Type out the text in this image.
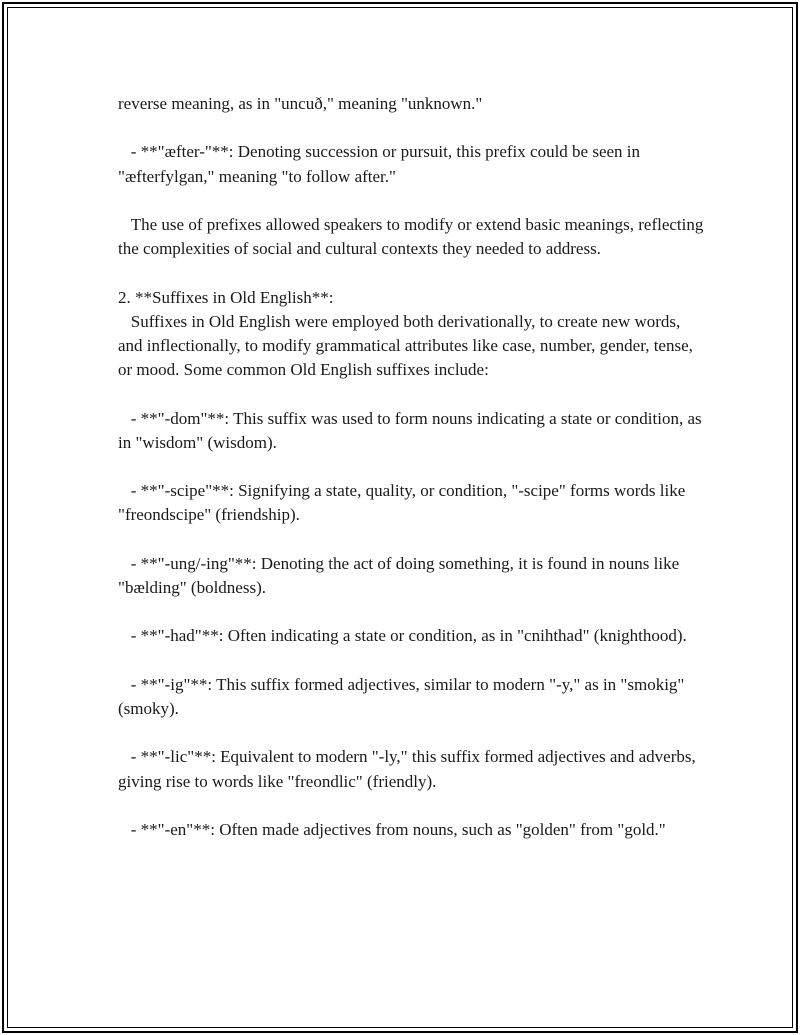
reverse meaning, as in "uncuð," meaning "unknown."

- **"æfter-"**: Denoting succession or pursuit, this prefix could be seen in "æfterfylgan," meaning "to follow after."

The use of prefixes allowed speakers to modify or extend basic meanings, reflecting the complexities of social and cultural contexts they needed to address.

2. **Suffixes in Old English**:

Suffixes in Old English were employed both derivationally, to create new words, and inflectionally, to modify grammatical attributes like case, number, gender, tense, or mood. Some common Old English suffixes include:

- **"-dom"**: This suffix was used to form nouns indicating a state or condition, as in "wisdom" (wisdom).

- **"-scipe"**: Signifying a state, quality, or condition, "-scipe" forms words like "freondscipe" (friendship).

- **"-ung/-ing"**: Denoting the act of doing something, it is found in nouns like "bælding" (boldness).

- **"-had"**: Often indicating a state or condition, as in "cnihthad" (knighthood).

- **"-ig"**: This suffix formed adjectives, similar to modern "-y," as in "smokig" (smoky).

- **"-lic"**: Equivalent to modern "-ly," this suffix formed adjectives and adverbs, giving rise to words like "freondlic" (friendly).

- **"-en"**: Often made adjectives from nouns, such as "golden" from "gold."
